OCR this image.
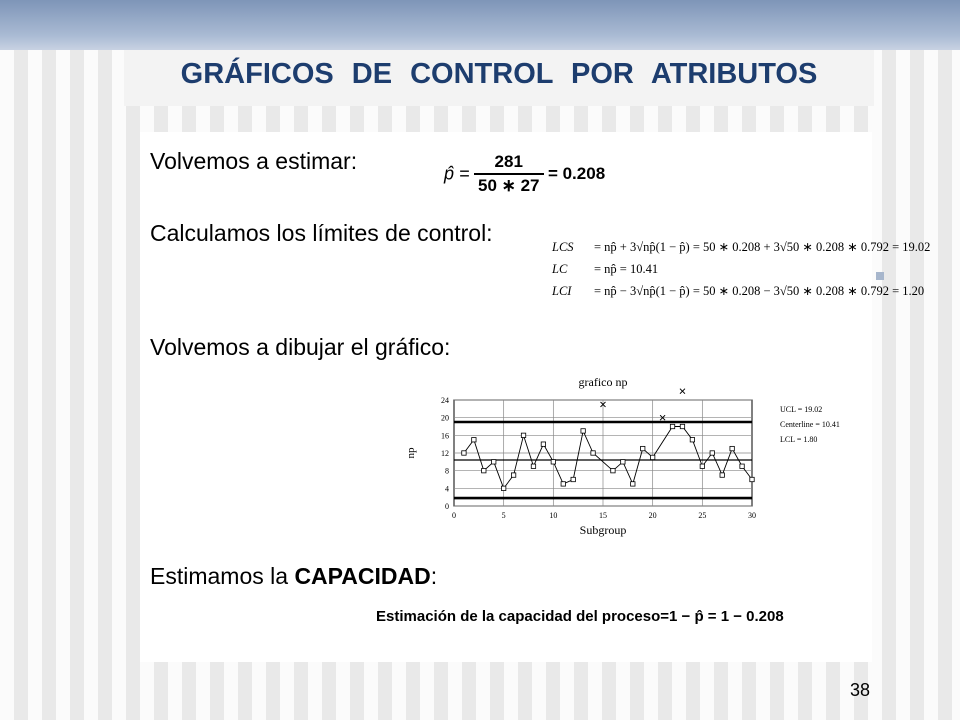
GRÁFICOS DE CONTROL POR ATRIBUTOS
Volvemos a estimar:	p̂ = $\frac{281}{50 ∗ 27} = 0.208$
Calculamos los límites de control:
LCS = np̂ + 3√np̂(1 − p̂) = 50 ∗ 0.208 + 3√50 ∗ 0.208 ∗ 0.792 = 19.02
LC = np̂ = 10.41
LCI = np̂ − 3√np̂(1 − p̂) = 50 ∗ 0.208 − 3√50 ∗ 0.208 ∗ 0.792 = 1.20
Volvemos a dibujar el gráfico:
0
4
8
12
16
20
24
0	5	10	15	20	25	30
grafico np
Subgroup
np
UCL = 19.02
Centerline = 10.41
LCL = 1.80
Estimamos la CAPACIDAD:
Estimación de la capacidad del proceso=1 − p̂ = 1 − 0.208
38
